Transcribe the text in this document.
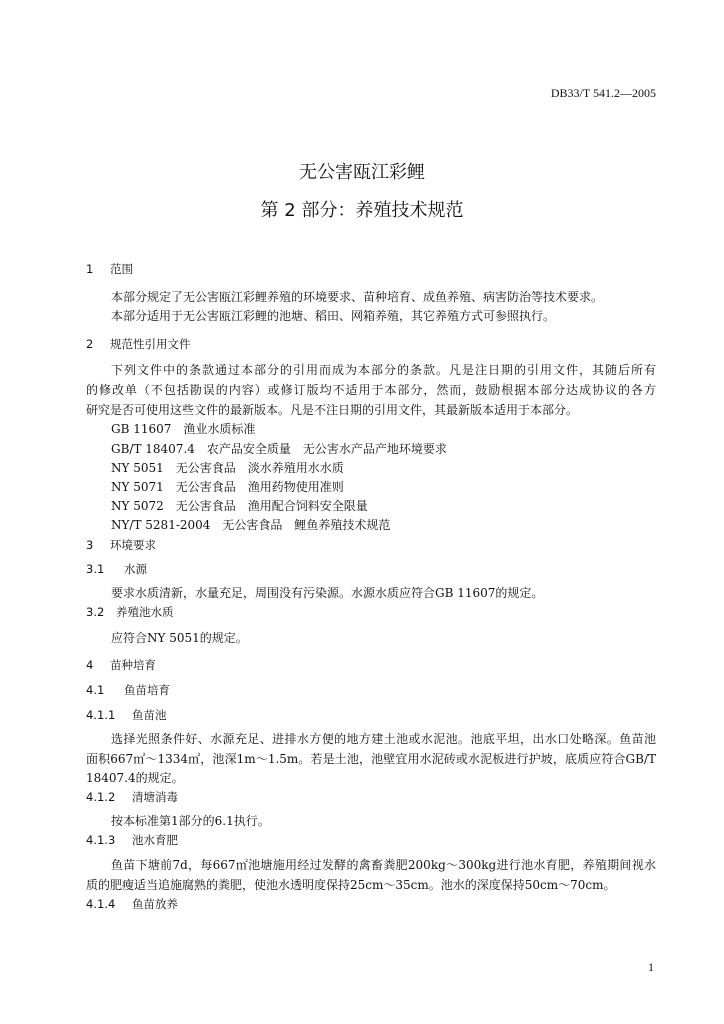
DB33/T 541.2—2005
无公害瓯江彩鲤
第 2 部分：养殖技术规范
1 范围
本部分规定了无公害瓯江彩鲤养殖的环境要求、苗种培育、成鱼养殖、病害防治等技术要求。
本部分适用于无公害瓯江彩鲤的池塘、稻田、网箱养殖，其它养殖方式可参照执行。
2 规范性引用文件
下列文件中的条款通过本部分的引用而成为本部分的条款。凡是注日期的引用文件，其随后所有
的修改单（不包括勘误的内容）或修订版均不适用于本部分，然而，鼓励根据本部分达成协议的各方
研究是否可使用这些文件的最新版本。凡是不注日期的引用文件，其最新版本适用于本部分。
GB 11607 渔业水质标准
GB/T 18407.4 农产品安全质量　无公害水产品产地环境要求
NY 5051 无公害食品　淡水养殖用水水质
NY 5071 无公害食品　渔用药物使用准则
NY 5072 无公害食品　渔用配合饲料安全限量
NY/T 5281-2004 无公害食品　鲤鱼养殖技术规范
3 环境要求
3.1 水源
要求水质清新，水量充足，周围没有污染源。水源水质应符合GB 11607的规定。
3.2 养殖池水质
应符合NY 5051的规定。
4 苗种培育
4.1 鱼苗培育
4.1.1 鱼苗池
选择光照条件好、水源充足、进排水方便的地方建土池或水泥池。池底平坦，出水口处略深。鱼苗池
面积667㎡～1334㎡，池深1m～1.5m。若是土池，池壁宜用水泥砖或水泥板进行护坡，底质应符合GB/T
18407.4的规定。
4.1.2 清塘消毒
按本标准第1部分的6.1执行。
4.1.3 池水育肥
鱼苗下塘前7d，每667㎡池塘施用经过发酵的禽畜粪肥200kg～300kg进行池水育肥，养殖期间视水
质的肥瘦适当追施腐熟的粪肥，使池水透明度保持25cm～35cm。池水的深度保持50cm～70cm。
4.1.4 鱼苗放养
1
